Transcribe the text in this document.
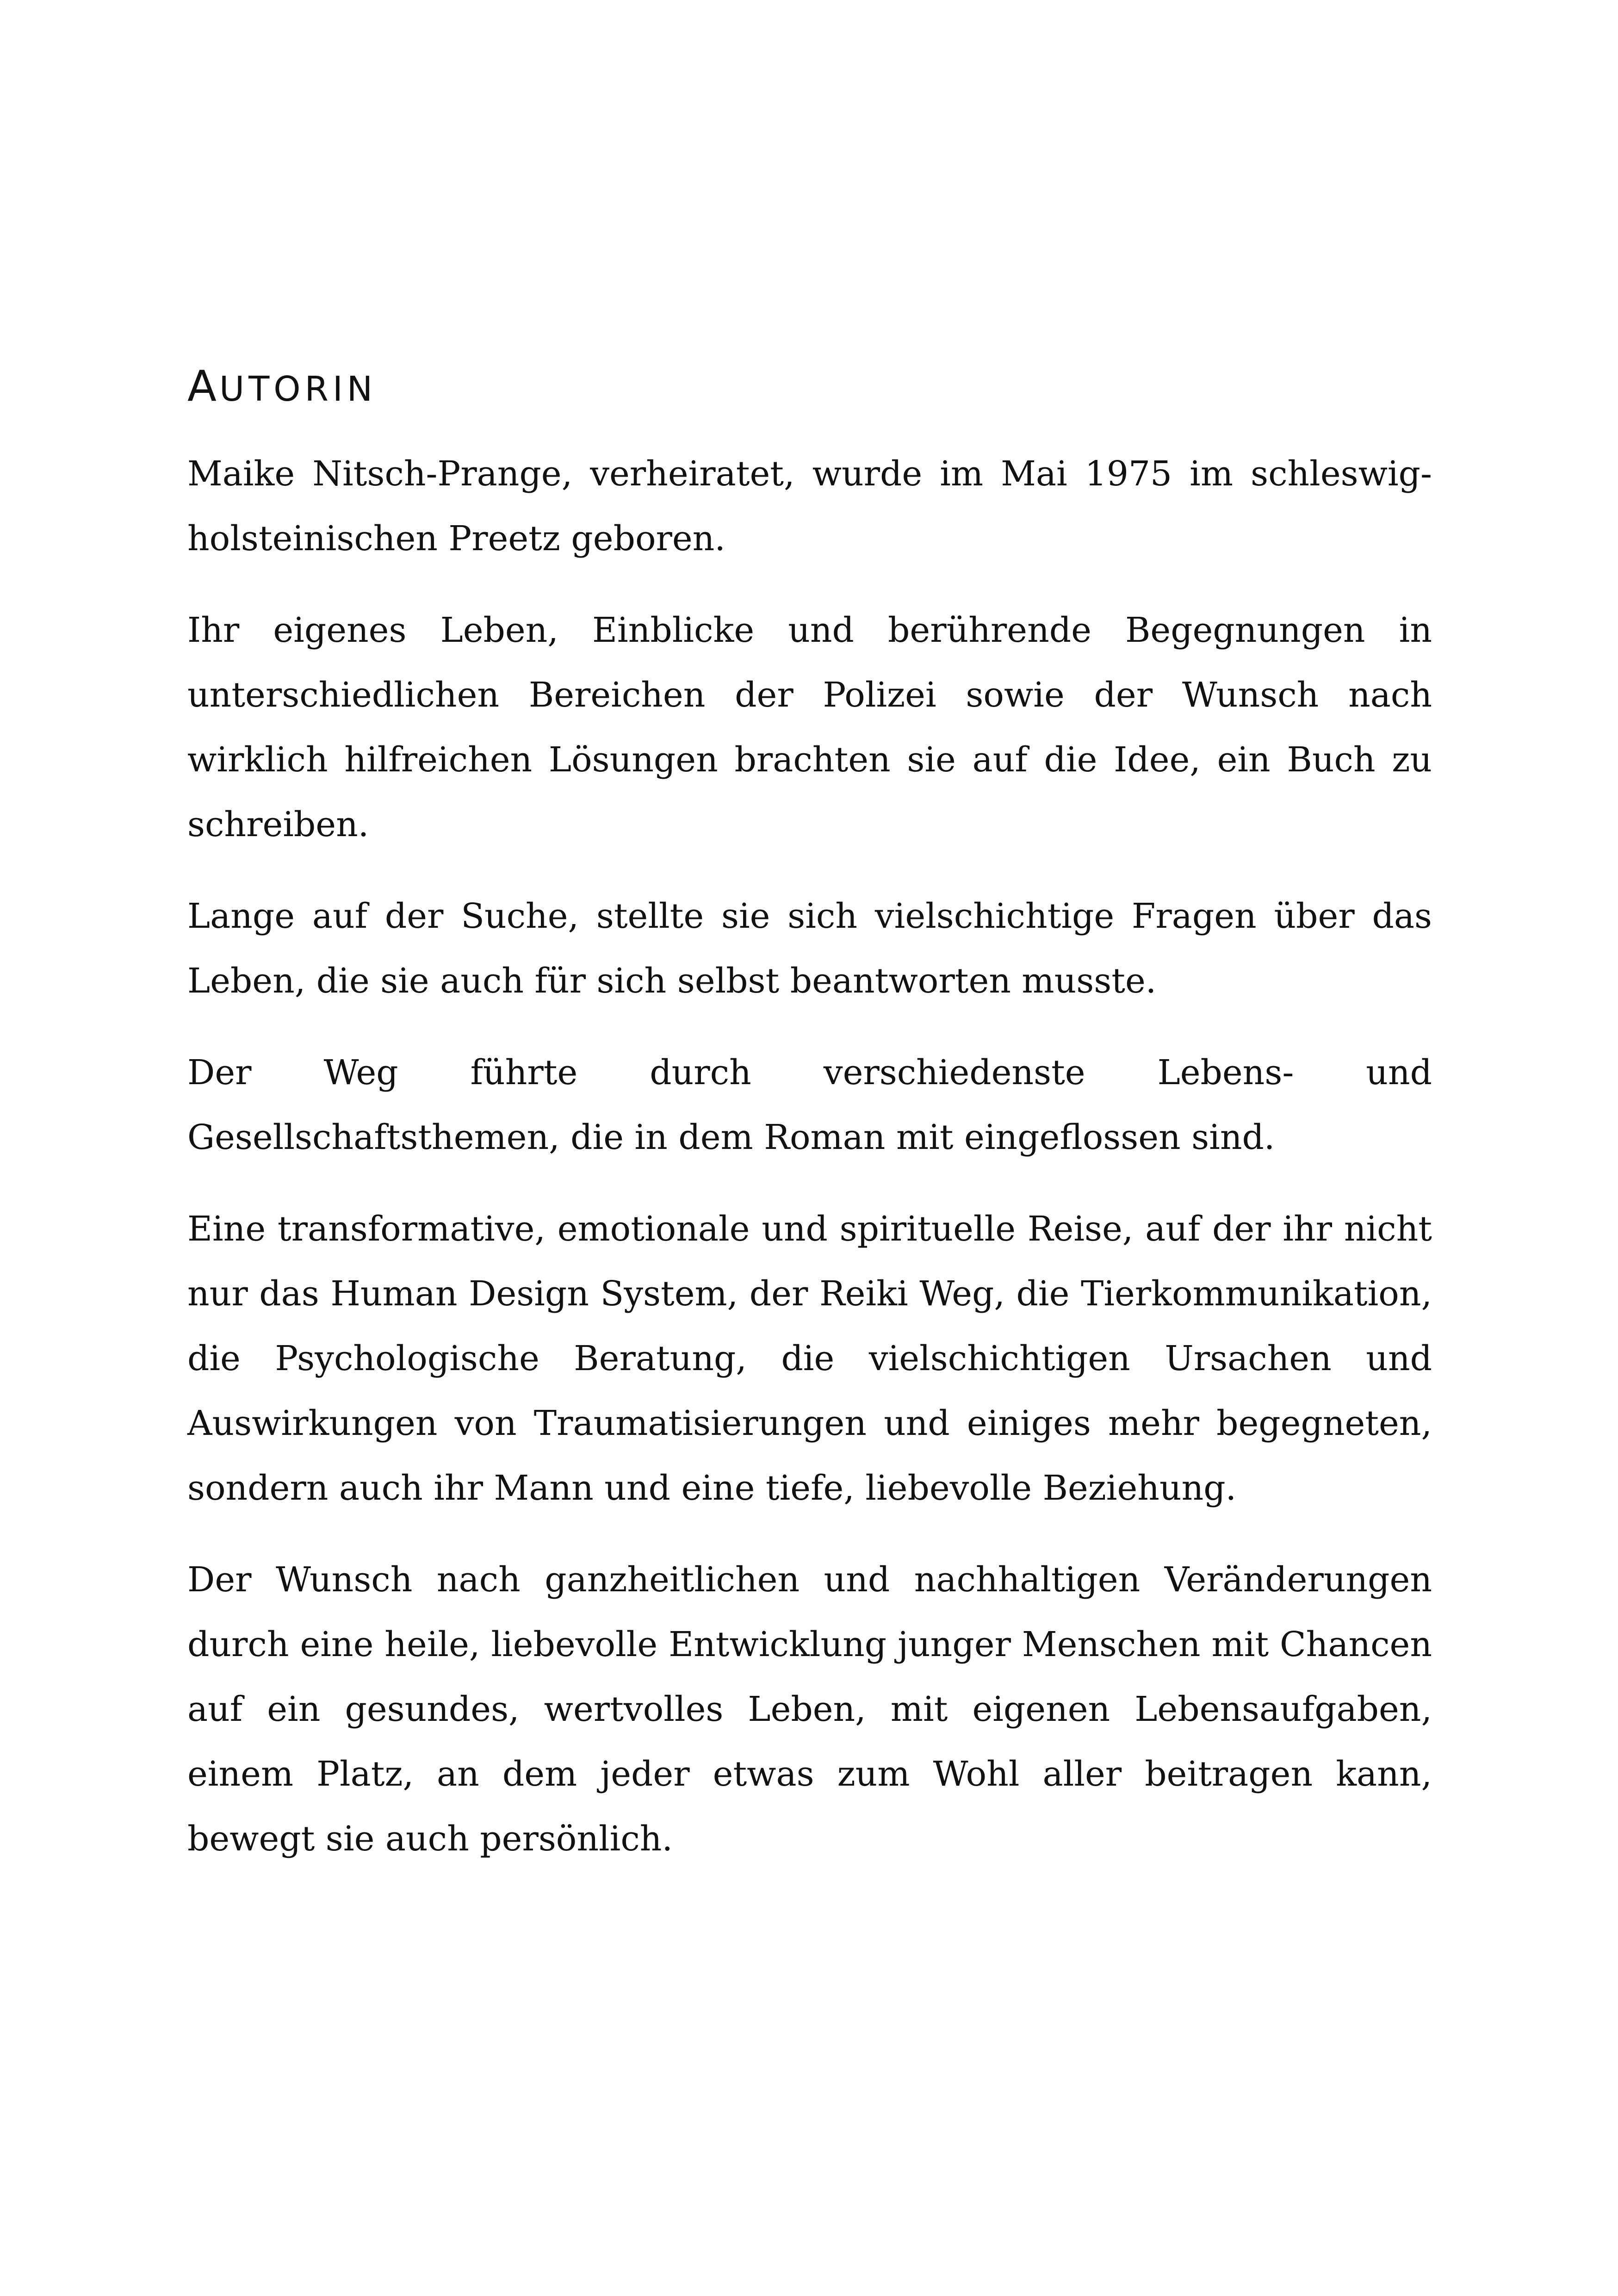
AUTORIN

Maike Nitsch-Prange, verheiratet, wurde im Mai 1975 im schleswig-holsteinischen Preetz geboren.

Ihr eigenes Leben, Einblicke und berührende Begegnungen in unterschiedlichen Bereichen der Polizei sowie der Wunsch nach wirklich hilfreichen Lösungen brachten sie auf die Idee, ein Buch zu schreiben.

Lange auf der Suche, stellte sie sich vielschichtige Fragen über das Leben, die sie auch für sich selbst beantworten musste.

Der Weg führte durch verschiedenste Lebens- und Gesellschaftsthemen, die in dem Roman mit eingeflossen sind.

Eine transformative, emotionale und spirituelle Reise, auf der ihr nicht nur das Human Design System, der Reiki Weg, die Tierkommunikation, die Psychologische Beratung, die vielschichtigen Ursachen und Auswirkungen von Traumatisierungen und einiges mehr begegneten, sondern auch ihr Mann und eine tiefe, liebevolle Beziehung.

Der Wunsch nach ganzheitlichen und nachhaltigen Veränderungen durch eine heile, liebevolle Entwicklung junger Menschen mit Chancen auf ein gesundes, wertvolles Leben, mit eigenen Lebensaufgaben, einem Platz, an dem jeder etwas zum Wohl aller beitragen kann, bewegt sie auch persönlich.
